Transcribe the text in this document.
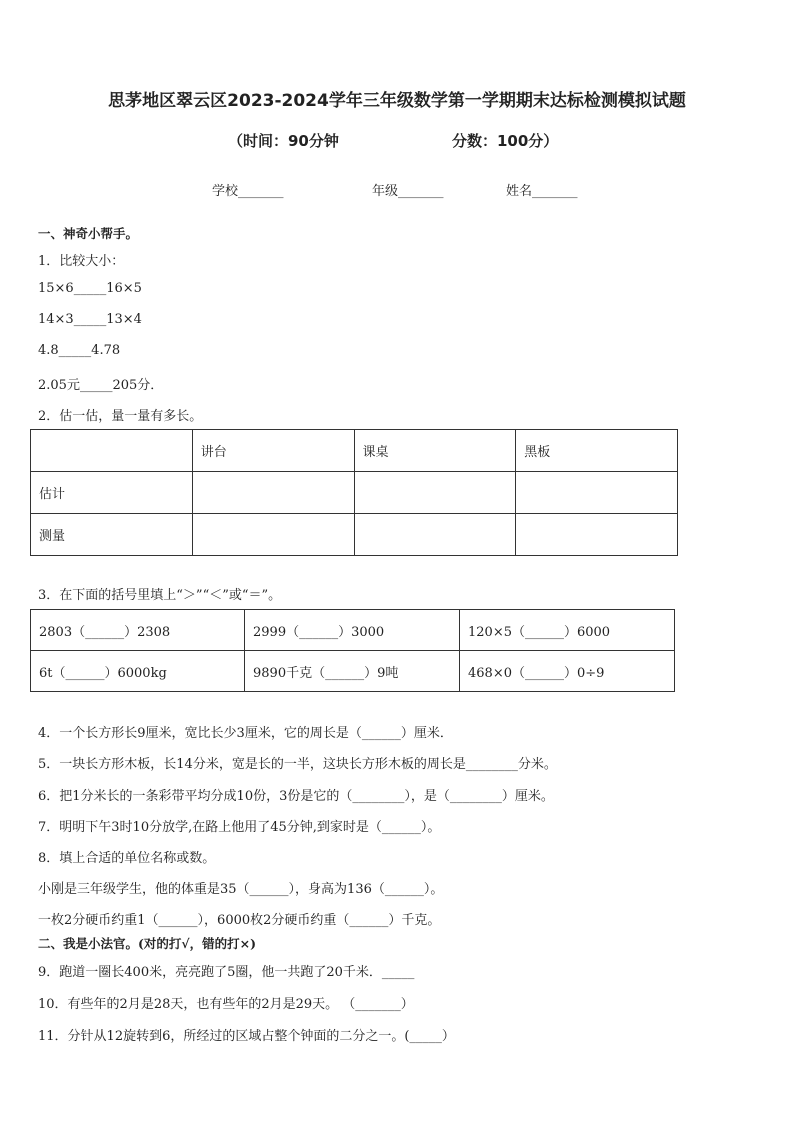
思茅地区翠云区2023-2024学年三年级数学第一学期期末达标检测模拟试题
（时间：90分钟	分数：100分）
学校_______	年级_______	姓名_______
一、神奇小帮手。
1．比较大小：
15×6_____16×5
14×3_____13×4
4.8_____4.78
2.05元_____205分．
2．估一估，量一量有多长。
	讲台	课桌	黑板
估计			
测量			
3．在下面的括号里填上“＞”“＜”或“＝”。
2803（______）2308	2999（______）3000	120×5（______）6000
6t（______）6000kg	9890千克（______）9吨	468×0（______）0÷9
4．一个长方形长9厘米，宽比长少3厘米，它的周长是（______）厘米．
5．一块长方形木板，长14分米，宽是长的一半，这块长方形木板的周长是________分米。
6．把1分米长的一条彩带平均分成10份，3份是它的（________），是（________）厘米。
7．明明下午3时10分放学,在路上他用了45分钟,到家时是（______）。
8．填上合适的单位名称或数。
小刚是三年级学生，他的体重是35（______），身高为136（______）。
一枚2分硬币约重1（______），6000枚2分硬币约重（______）千克。
二、我是小法官。(对的打√，错的打×)
9．跑道一圈长400米，亮亮跑了5圈，他一共跑了20千米．_____
10．有些年的2月是28天，也有些年的2月是29天。 （_______）
11．分针从12旋转到6，所经过的区域占整个钟面的二分之一。(_____）
